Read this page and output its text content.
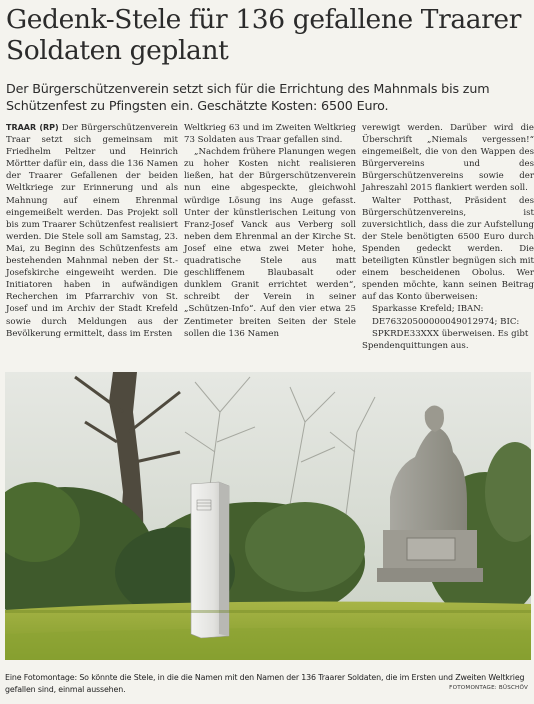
Gedenk-Stele für 136 gefallene Traarer Soldaten geplant

Der Bürgerschützenverein setzt sich für die Errichtung des Mahnmals bis zum Schützenfest zu Pfingsten ein. Geschätzte Kosten: 6500 Euro.

TRAAR (RP) Der Bürgerschützenverein Traar setzt sich gemeinsam mit Friedhelm Peltzer und Heinrich Mörtter dafür ein, dass die 136 Namen der Traarer Gefallenen der beiden Weltkriege zur Erinnerung und als Mahnung auf einem Ehrenmal eingemeißelt werden. Das Projekt soll bis zum Traarer Schützenfest realisiert werden. Die Stele soll am Samstag, 23. Mai, zu Beginn des Schützenfests am bestehenden Mahnmal neben der St.-Josefskirche eingeweiht werden. Die Initiatoren haben in aufwändigen Recherchen im Pfarrarchiv von St. Josef und im Archiv der Stadt Krefeld sowie durch Meldungen aus der Bevölkerung ermittelt, dass im Ersten

Weltkrieg 63 und im Zweiten Weltkrieg 73 Soldaten aus Traar gefallen sind.

„Nachdem frühere Planungen wegen zu hoher Kosten nicht realisieren ließen, hat der Bürgerschützenverein nun eine abgespeckte, gleichwohl würdige Lösung ins Auge gefasst. Unter der künstlerischen Leitung von Franz-Josef Vanck aus Verberg soll neben dem Ehrenmal an der Kirche St. Josef eine etwa zwei Meter hohe, quadratische Stele aus matt geschliffenem Blaubasalt oder dunklem Granit errichtet werden“, schreibt der Verein in seiner „Schützen-Info“. Auf den vier etwa 25 Zentimeter breiten Seiten der Stele sollen die 136 Namen

verewigt werden. Darüber wird die Überschrift „Niemals vergessen!“ eingemeißelt, die von den Wappen des Bürgervereins und des Bürgerschützenvereins sowie der Jahreszahl 2015 flankiert werden soll.

Walter Potthast, Präsident des Bürgerschützenvereins, ist zuversichtlich, dass die zur Aufstellung der Stele benötigten 6500 Euro durch Spenden gedeckt werden. Die beteiligten Künstler begnügen sich mit einem bescheidenen Obolus. Wer spenden möchte, kann seinen Beitrag auf das Konto überweisen:

Sparkasse Krefeld; IBAN:
DE76320500000049012974; BIC:
SPKRDE33XXX überweisen. Es gibt Spendenquittungen aus.

Eine Fotomontage: So könnte die Stele, in die die Namen mit den Namen der 136 Traarer Soldaten, die im Ersten und Zweiten Weltkrieg gefallen sind, einmal aussehen.	FOTOMONTAGE: BÜSCHÖV
